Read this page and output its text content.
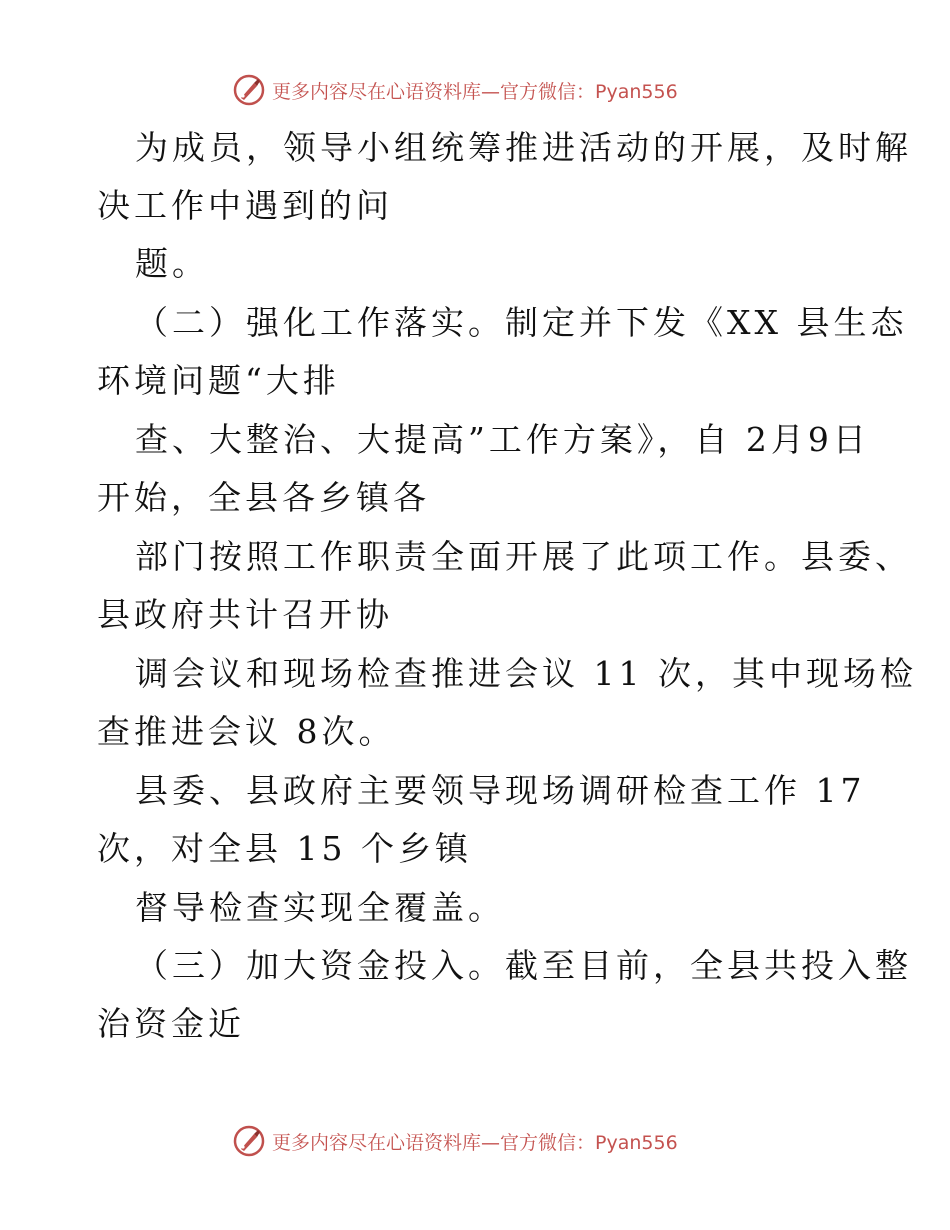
更多内容尽在心语资料库—官方微信：Pyan556
为成员，领导小组统筹推进活动的开展，及时解
决工作中遇到的问
题。
（二）强化工作落实。制定并下发《XX 县生态
环境问题“大排
查、大整治、大提高”工作方案》，自 2月9日
开始，全县各乡镇各
部门按照工作职责全面开展了此项工作。县委、
县政府共计召开协
调会议和现场检查推进会议 11 次，其中现场检
查推进会议 8次。
县委、县政府主要领导现场调研检查工作 17
次，对全县 15 个乡镇
督导检查实现全覆盖。
（三）加大资金投入。截至目前，全县共投入整
治资金近
更多内容尽在心语资料库—官方微信：Pyan556
